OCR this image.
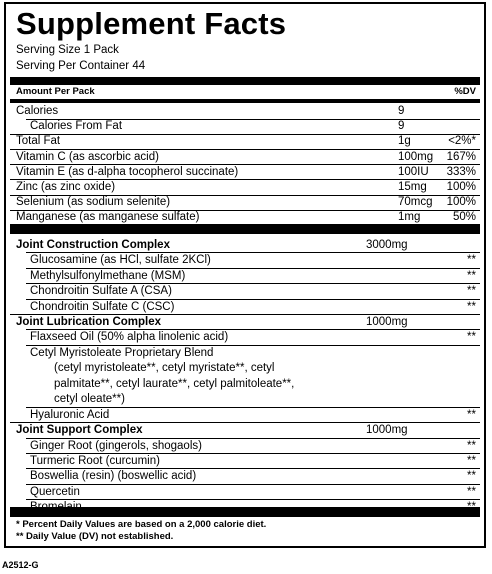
Supplement Facts
Serving Size 1 Pack
Serving Per Container 44
Amount Per Pack	%DV
Calories	9
Calories From Fat	9
Total Fat	1g	<2%*
Vitamin C (as ascorbic acid)	100mg 167%
Vitamin E (as d-alpha tocopherol succinate)	100IU 333%
Zinc (as zinc oxide)	15mg 100%
Selenium (as sodium selenite)	70mcg 100%
Manganese (as manganese sulfate)	1mg	50%
Joint Construction Complex	3000mg
Glucosamine (as HCl, sulfate 2KCl)	**
Methylsulfonylmethane (MSM)	**
Chondroitin Sulfate A (CSA)	**
Chondroitin Sulfate C (CSC)	**
Joint Lubrication Complex	1000mg
Flaxseed Oil (50% alpha linolenic acid)	**
Cetyl Myristoleate Proprietary Blend
(cetyl myristoleate**, cetyl myristate**, cetyl
palmitate**, cetyl laurate**, cetyl palmitoleate**,
cetyl oleate**)
Hyaluronic Acid	**
Joint Support Complex	1000mg
Ginger Root (gingerols, shogaols)	**
Turmeric Root (curcumin)	**
Boswellia (resin) (boswellic acid)	**
Quercetin	**
* Percent Daily Values are based on a 2,000 calorie diet.
** Daily Value (DV) not established.
A2512-G
